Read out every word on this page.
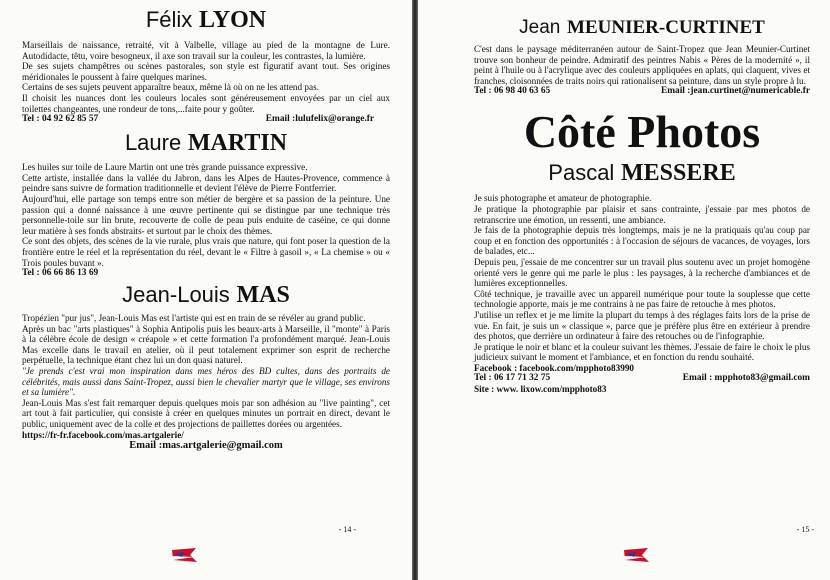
Félix LYON

Marseillais de naissance, retraité, vit à Valbelle, village au pied de la montagne de Lure. Autodidacte, têtu, voire besogneux, il axe son travail sur la couleur, les contrastes, la lumière.

De ses sujets champêtres ou scènes pastorales, son style est figuratif avant tout. Ses origines méridionales le poussent à faire quelques marines.

Certains de ses sujets peuvent apparaître beaux, même là où on ne les attend pas.

Il choisit les nuances dont les couleurs locales sont généreusement envoyées par un ciel aux toilettes changeantes, une rondeur de tons,...faite pour y goûter.

Tel : 04 92 62 85 57	Email :lulufelix@orange.fr
Laure MARTIN

Les huiles sur toile de Laure Martin ont une très grande puissance expressive.

Cette artiste, installée dans la vallée du Jabron, dans les Alpes de Hautes-Provence, commence à peindre sans suivre de formation traditionnelle et devient l'élève de Pierre Fontferrier.

Aujourd'hui, elle partage son temps entre son métier de bergère et sa passion de la peinture. Une passion qui a donné naissance à une œuvre pertinente qui se distingue par une technique très personnelle-toile sur lin brute, recouverte de colle de peau puis enduite de caséine, ce qui donne leur matière à ses fonds abstraits- et surtout par le choix des thèmes.

Ce sont des objets, des scènes de la vie rurale, plus vrais que nature, qui font poser la question de la frontière entre le réel et la représentation du réel, devant le « Filtre à gasoil », « La chemise » ou « Trois poules buvant ».

Tel : 06 66 86 13 69
Jean-Louis MAS

Tropézien "pur jus", Jean-Louis Mas est l'artiste qui est en train de se révéler au grand public.

Après un bac "arts plastiques" à Sophia Antipolis puis les beaux-arts à Marseille, il "monte" à Paris à la célèbre école de design « créapole » et cette formation l'a profondément marqué. Jean-Louis Mas excelle dans le travail en atelier, où il peut totalement exprimer son esprit de recherche perpétuelle, la technique étant chez lui un don quasi naturel.

"Je prends c'est vrai mon inspiration dans mes héros des BD cultes, dans des portraits de célébrités, mais aussi dans Saint-Tropez, aussi bien le chevalier martyr que le village, ses environs et sa lumière".

Jean-Louis Mas s'est fait remarquer depuis quelques mois par son adhésion au "live painting", cet art tout à fait particulier, qui consiste à créer en quelques minutes un portrait en direct, devant le public, uniquement avec de la colle et des projections de paillettes dorées ou argentées.

https://fr-fr.facebook.com/mas.artgalerie/

Email :mas.artgalerie@gmail.com
- 14 -
Jean MEUNIER-CURTINET

C'est dans le paysage méditerranéen autour de Saint-Tropez que Jean Meunier-Curtinet trouve son bonheur de peindre. Admiratif des peintres Nabis « Pères de la modernité », il peint à l'huile ou à l'acrylique avec des couleurs appliquées en aplats, qui claquent, vives et franches, cloisonnées de traits noirs qui rationalisent sa peinture, dans un style propre à lu.

Tel : 06 98 40 63 65	Email :jean.curtinet@numericable.fr
Côté Photos
Pascal MESSERE

Je suis photographe et amateur de photographie.

Je pratique la photographie par plaisir et sans contrainte, j'essaie par mes photos de retranscrire une émotion, un ressenti, une ambiance.

Je fais de la photographie depuis très longtemps, mais je ne la pratiquais qu'au coup par coup et en fonction des opportunités : à l'occasion de séjours de vacances, de voyages, lors de balades, etc...

Depuis peu, j'essaie de me concentrer sur un travail plus soutenu avec un projet homogène orienté vers le genre qui me parle le plus : les paysages, à la recherche d'ambiances et de lumières exceptionnelles.

Côté technique, je travaille avec un appareil numérique pour toute la souplesse que cette technologie apporte, mais je me contrains à ne pas faire de retouche à mes photos.

J'utilise un reflex et je me limite la plupart du temps à des réglages faits lors de la prise de vue. En fait, je suis un « classique », parce que je préfère plus être en extérieur à prendre des photos, que derrière un ordinateur à faire des retouches ou de l'infographie.

Je pratique le noir et blanc et la couleur suivant les thèmes. J'essaie de faire le choix le plus judicieux suivant le moment et l'ambiance, et en fonction du rendu souhaité.

Facebook : facebook.com/mpphoto83990

Tel : 06 17 71 32 75	Email : mpphoto83@gmail.com

Site : www. lixow.com/mpphoto83

- 15 -
